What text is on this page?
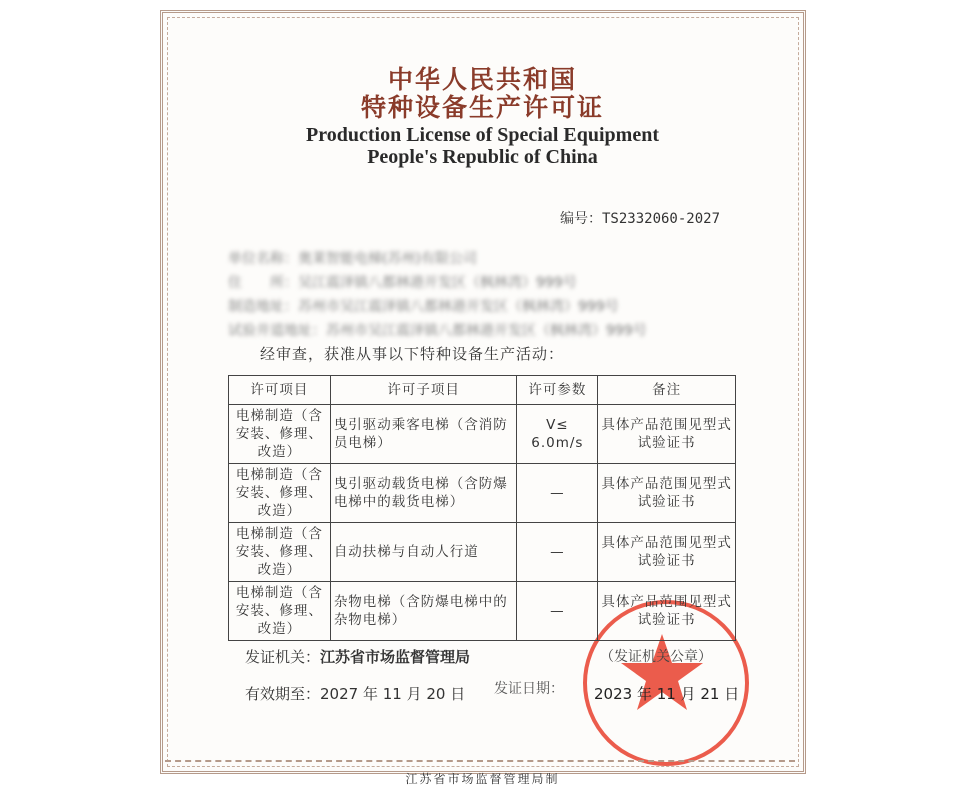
中华人民共和国
特种设备生产许可证
Production License of Special Equipment
People's Republic of China
编号：TS2332060-2027
单位名称：奥莱智能电梯(苏州)有限公司
住　　所：吴江震泽镇八都林港开发区（枫林湾）999号
制造地址：苏州市吴江震泽镇八都林港开发区（枫林湾）999号
试验井道地址：苏州市吴江震泽镇八都林港开发区（枫林湾）999号
经审查，获准从事以下特种设备生产活动：
许可项目	许可子项目	许可参数	备注
电梯制造（含安装、修理、改造）	曳引驱动乘客电梯（含消防员电梯）	V≤ 6.0m/s	具体产品范围见型式试验证书
电梯制造（含安装、修理、改造）	曳引驱动载货电梯（含防爆电梯中的载货电梯）	—	具体产品范围见型式试验证书
电梯制造（含安装、修理、改造）	自动扶梯与自动人行道	—	具体产品范围见型式试验证书
电梯制造（含安装、修理、改造）	杂物电梯（含防爆电梯中的杂物电梯）	—	具体产品范围见型式试验证书
发证机关：江苏省市场监督管理局	（发证机关公章）
有效期至：2027 年 11 月 20 日 发证日期： 2023 年 11 月 21 日
江苏省市场监督管理局制
